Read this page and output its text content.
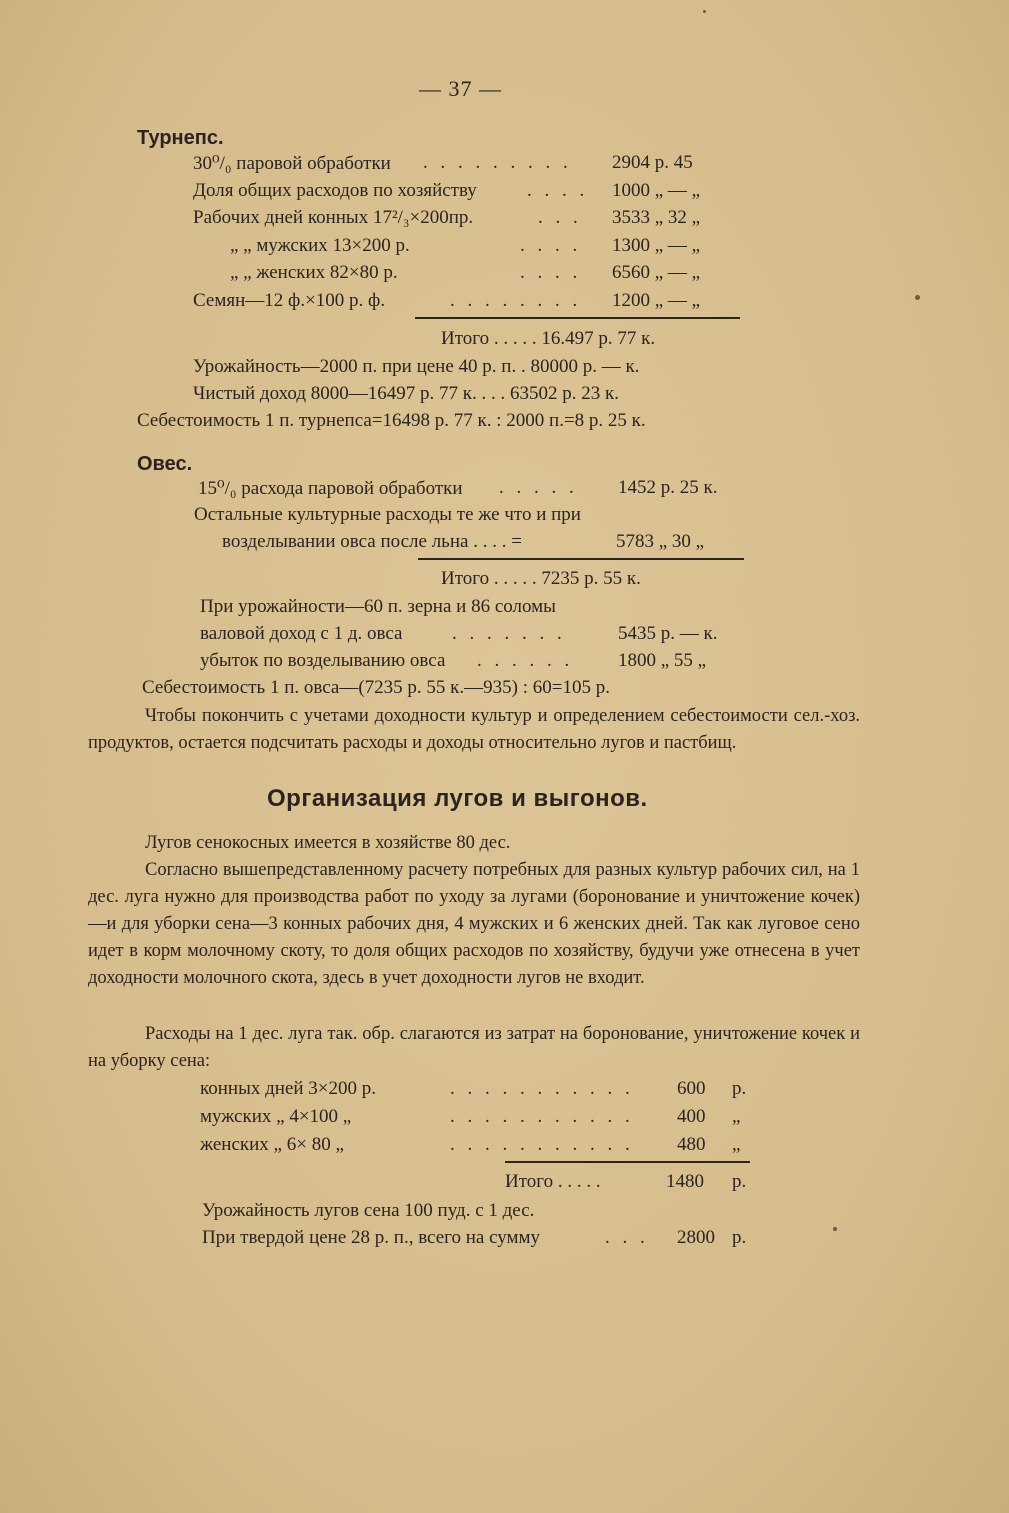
— 37 —
Турнепс.
30⁰/₀ паровой обработки . . . . . . . . . 2904 р. 45
Доля общих расходов по хозяйству	. . . . 1000 „ — „
Рабочих дней конных 17²/₃×200пр.	. . . 3533 „ 32 „
„ „ мужских 13×200 р.	. . . . 1300 „ — „
„ „ женских 82×80 р.	. . . . 6560 „ — „
Семян—12 ф.×100 р. ф.	. . . . . . . . 1200 „ — „
Итого . . . . . 16.497 р. 77 к.
Урожайность—2000 п. при цене 40 р. п. . 80000 р. — к.
Чистый доход 8000—16497 р. 77 к. . . . 63502 р. 23 к.
Себестоимость 1 п. турнепса=16498 р. 77 к. : 2000 п.=8 р. 25 к.
Овес.
15⁰/₀ расхода паровой обработки . . . . . 1452 р. 25 к.
Остальные культурные расходы те же что и при
возделывании овса после льна . . . . =	5783 „ 30 „
Итого . . . . . 7235 р. 55 к.
При урожайности—60 п. зерна и 86 соломы
валовой доход с 1 д. овса	. . . . . . .	5435 р. — к.
убыток по возделыванию овса . . . . . . 1800 „ 55 „
Себестоимость 1 п. овса—(7235 р. 55 к.—935) : 60=105 р.
Чтобы покончить с учетами доходности культур и определением себестоимости сел.-хоз. продуктов, остается подсчитать расходы и доходы относительно лугов и пастбищ.
Организация лугов и выгонов.
Лугов сенокосных имеется в хозяйстве 80 дес.
Согласно вышепредставленному расчету потребных для разных культур рабочих сил, на 1 дес. луга нужно для производства работ по уходу за лугами (боронование и уничтожение кочек)—и для уборки сена—3 конных рабочих дня, 4 мужских и 6 женских дней. Так как луговое сено идет в корм молочному скоту, то доля общих расходов по хозяйству, будучи уже отнесена в учет доходности молочного скота, здесь в учет доходности лугов не входит.
Расходы на 1 дес. луга так. обр. слагаются из затрат на боронование, уничтожение кочек и на уборку сена:
конных дней 3×200 р.	. . . . . . . . . . . 600 р.
мужских „ 4×100 „	. . . . . . . . . . . 400 „
женских „ 6× 80 „	. . . . . . . . . . . 480 „
Итого . . . . .	1480 р.
Урожайность лугов сена 100 пуд. с 1 дес.
При твердой цене 28 р. п., всего на сумму	. . . 2800 р.
